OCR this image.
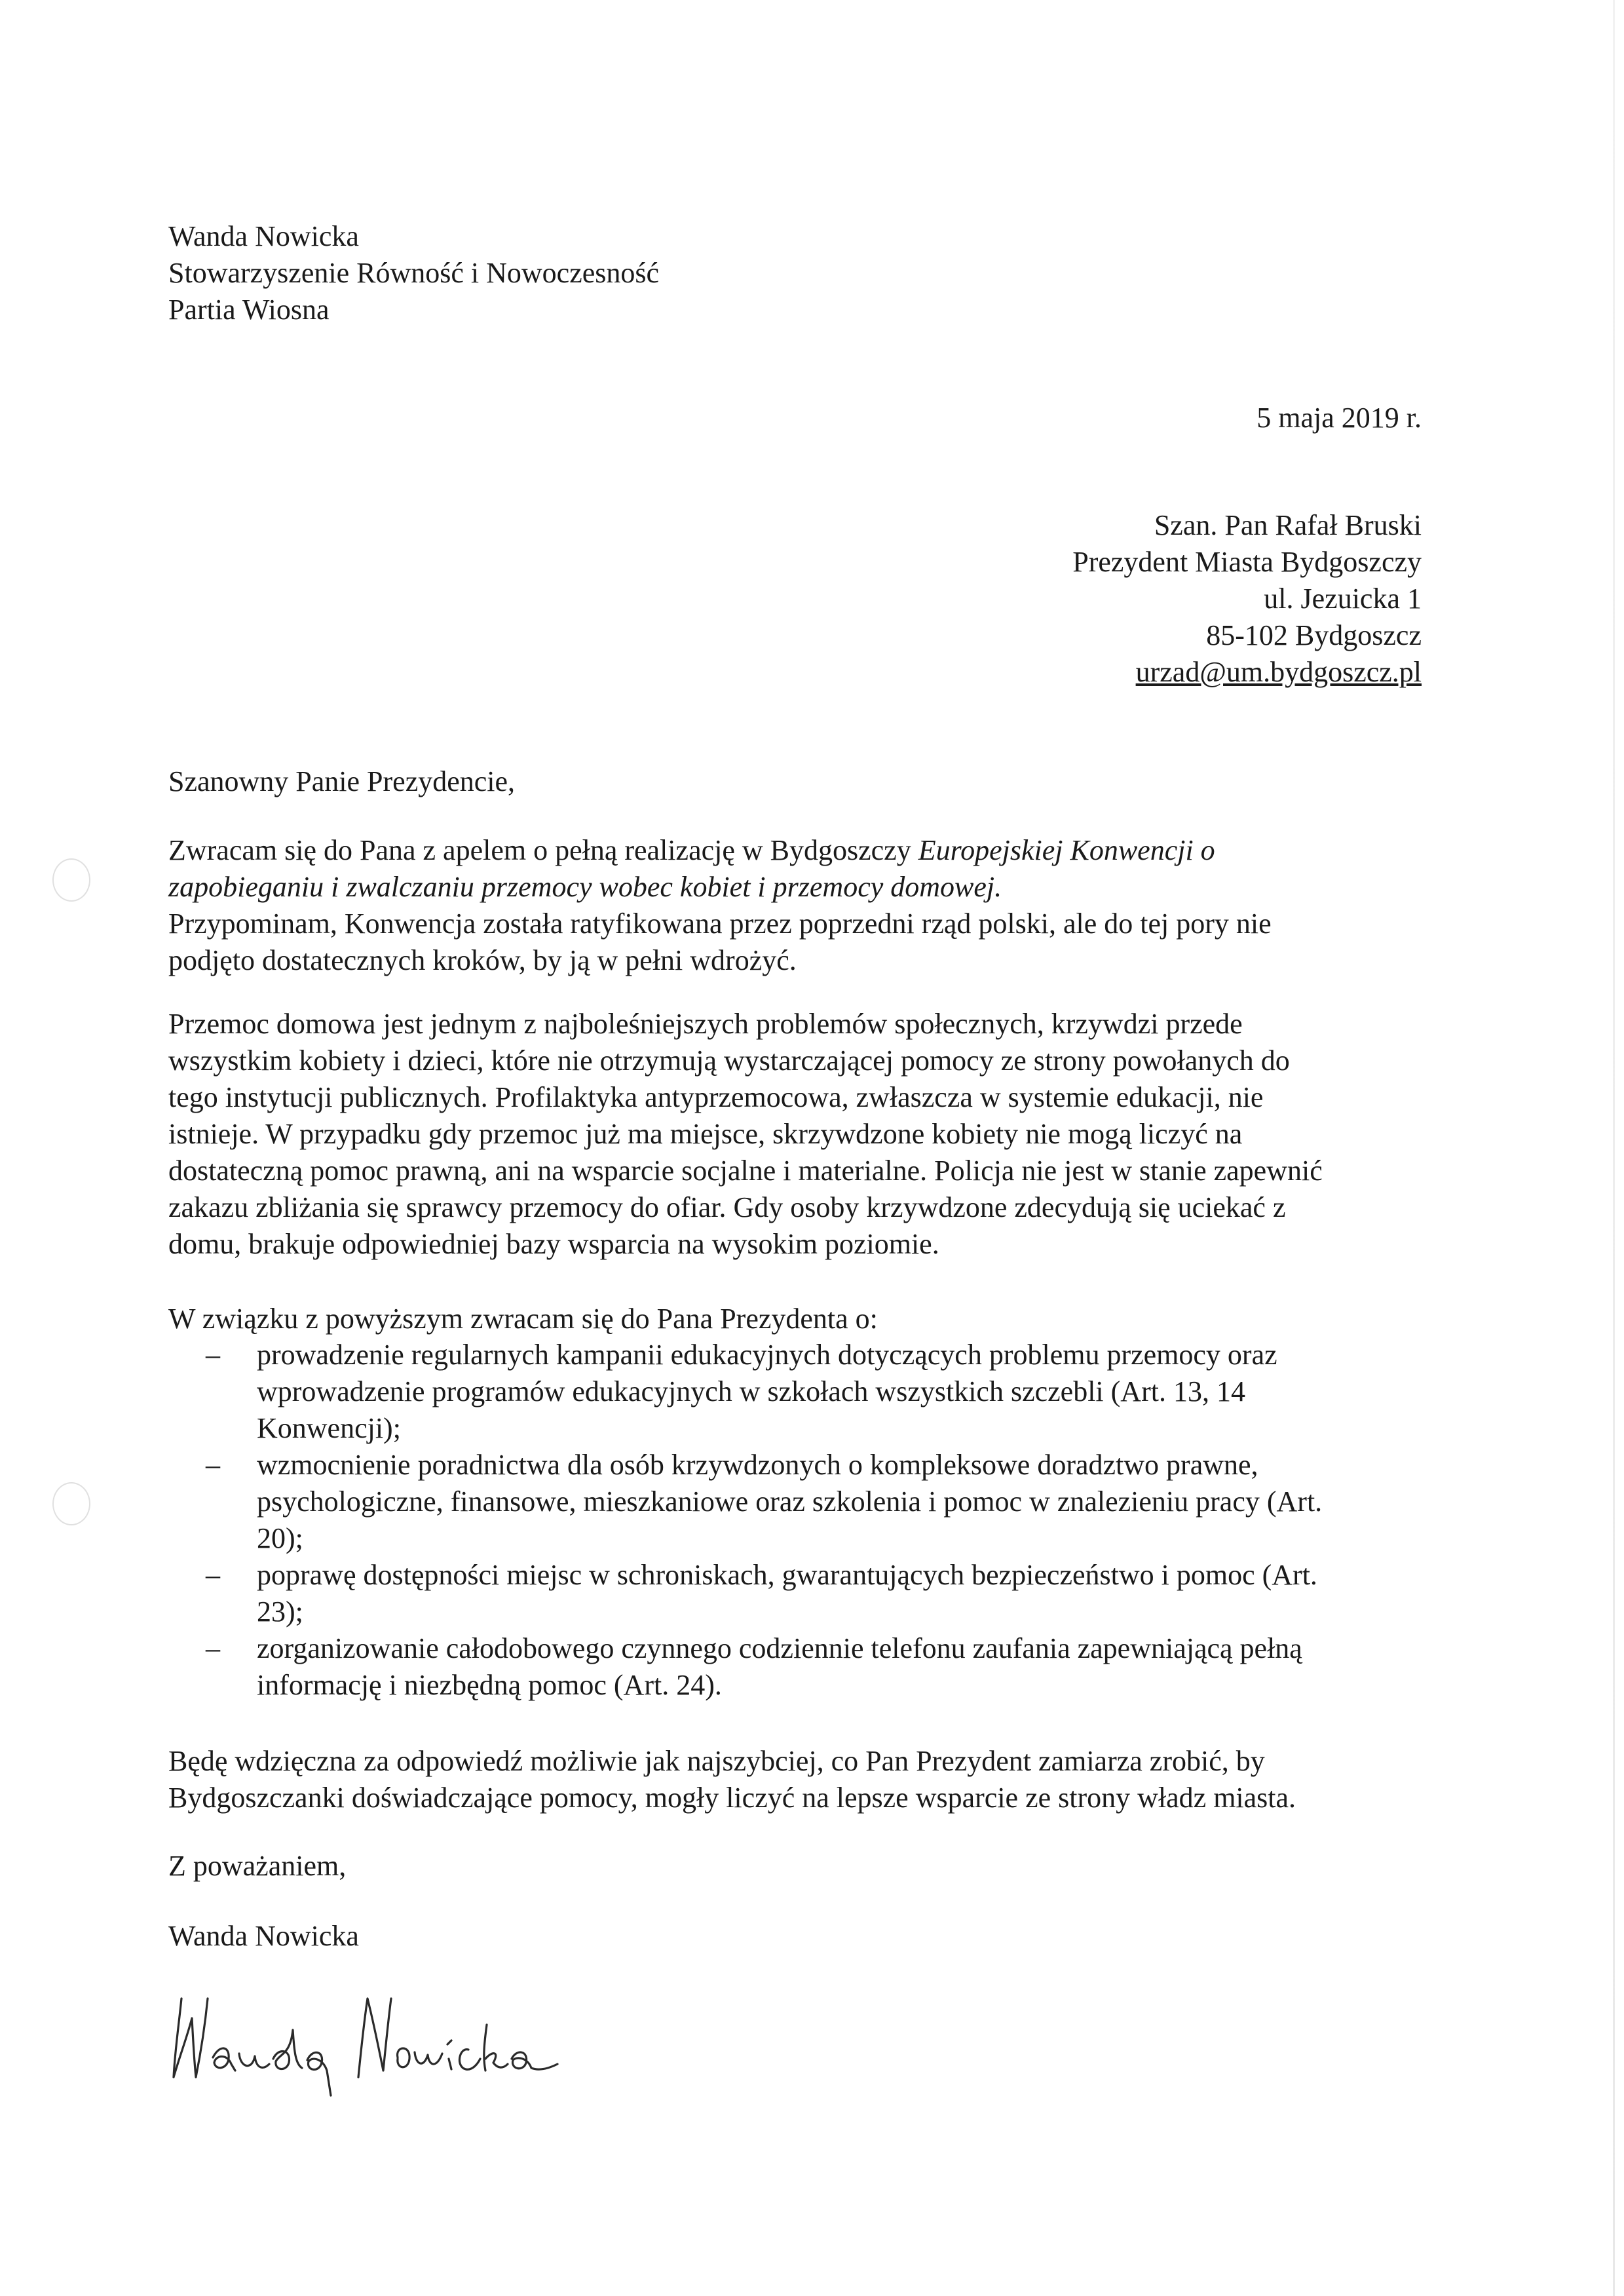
Wanda Nowicka
Stowarzyszenie Równość i Nowoczesność
Partia Wiosna
5 maja 2019 r.
Szan. Pan Rafał Bruski
Prezydent Miasta Bydgoszczy
ul. Jezuicka 1
85-102 Bydgoszcz
urzad@um.bydgoszcz.pl
Szanowny Panie Prezydencie,
Zwracam się do Pana z apelem o pełną realizację w Bydgoszczy Europejskiej Konwencji o
zapobieganiu i zwalczaniu przemocy wobec kobiet i przemocy domowej.
Przypominam, Konwencja została ratyfikowana przez poprzedni rząd polski, ale do tej pory nie
podjęto dostatecznych kroków, by ją w pełni wdrożyć.
Przemoc domowa jest jednym z najboleśniejszych problemów społecznych, krzywdzi przede
wszystkim kobiety i dzieci, które nie otrzymują wystarczającej pomocy ze strony powołanych do
tego instytucji publicznych. Profilaktyka antyprzemocowa, zwłaszcza w systemie edukacji, nie
istnieje. W przypadku gdy przemoc już ma miejsce, skrzywdzone kobiety nie mogą liczyć na
dostateczną pomoc prawną, ani na wsparcie socjalne i materialne. Policja nie jest w stanie zapewnić
zakazu zbliżania się sprawcy przemocy do ofiar. Gdy osoby krzywdzone zdecydują się uciekać z
domu, brakuje odpowiedniej bazy wsparcia na wysokim poziomie.
W związku z powyższym zwracam się do Pana Prezydenta o:
– prowadzenie regularnych kampanii edukacyjnych dotyczących problemu przemocy oraz
wprowadzenie programów edukacyjnych w szkołach wszystkich szczebli (Art. 13, 14
Konwencji);
– wzmocnienie poradnictwa dla osób krzywdzonych o kompleksowe doradztwo prawne,
psychologiczne, finansowe, mieszkaniowe oraz szkolenia i pomoc w znalezieniu pracy (Art.
20);
– poprawę dostępności miejsc w schroniskach, gwarantujących bezpieczeństwo i pomoc (Art.
23);
– zorganizowanie całodobowego czynnego codziennie telefonu zaufania zapewniającą pełną
informację i niezbędną pomoc (Art. 24).
Będę wdzięczna za odpowiedź możliwie jak najszybciej, co Pan Prezydent zamiarza zrobić, by
Bydgoszczanki doświadczające pomocy, mogły liczyć na lepsze wsparcie ze strony władz miasta.
Z poważaniem,
Wanda Nowicka
